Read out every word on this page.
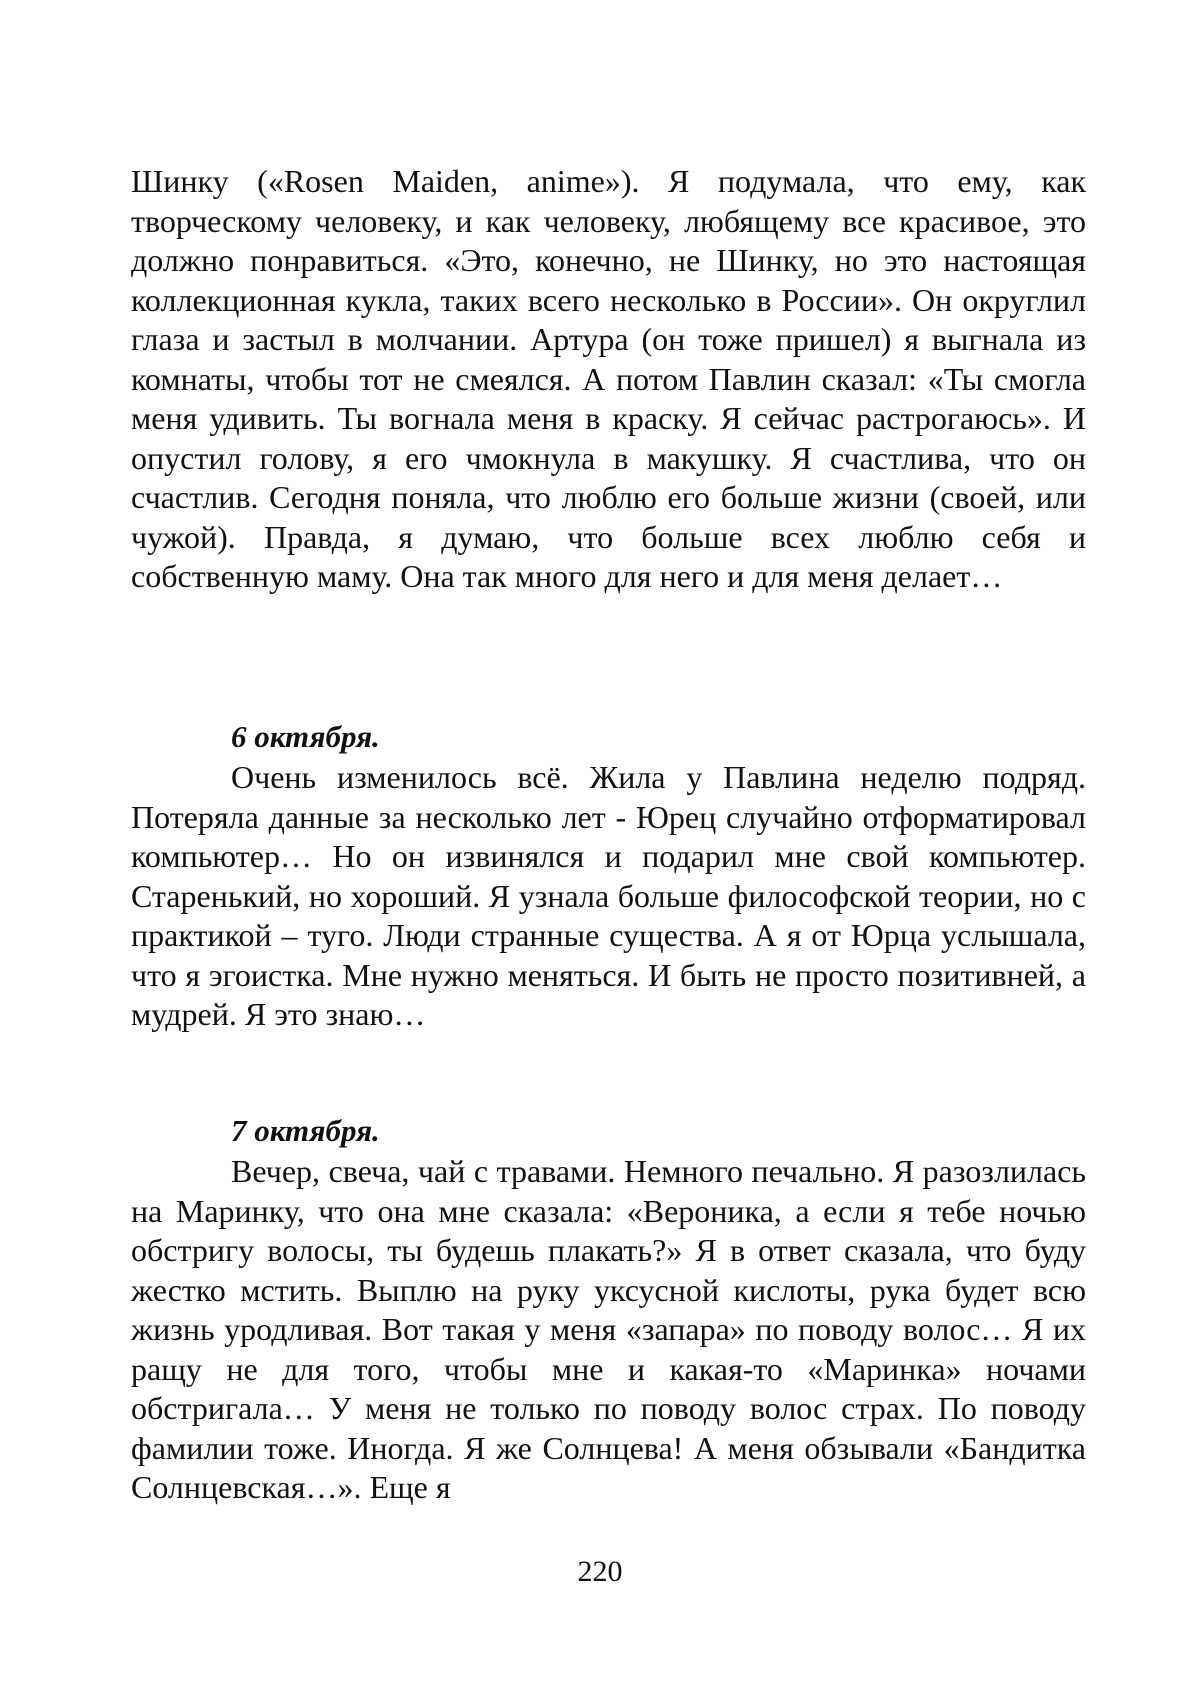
Шинку («Rosen Maiden, anime»). Я подумала, что ему, как творческому человеку, и как человеку, любящему все красивое, это должно понравиться. «Это, конечно, не Шинку, но это настоящая коллекционная кукла, таких всего несколько в России». Он округлил глаза и застыл в молчании. Артура (он тоже пришел) я выгнала из комнаты, чтобы тот не смеялся. А потом Павлин сказал: «Ты смогла меня удивить. Ты вогнала меня в краску. Я сейчас растрогаюсь». И опустил голову, я его чмокнула в макушку. Я счастлива, что он счастлив. Сегодня поняла, что люблю его больше жизни (своей, или чужой). Правда, я думаю, что больше всех люблю себя и собственную маму. Она так много для него и для меня делает…

6 октября.

Очень изменилось всё. Жила у Павлина неделю подряд. Потеряла данные за несколько лет - Юрец случайно отформатировал компьютер… Но он извинялся и подарил мне свой компьютер. Старенький, но хороший. Я узнала больше философской теории, но с практикой – туго. Люди странные существа. А я от Юрца услышала, что я эгоистка. Мне нужно меняться. И быть не просто позитивней, а мудрей. Я это знаю…

7 октября.

Вечер, свеча, чай с травами. Немного печально. Я разозлилась на Маринку, что она мне сказала: «Вероника, а если я тебе ночью обстригу волосы, ты будешь плакать?» Я в ответ сказала, что буду жестко мстить. Выплю на руку уксусной кислоты, рука будет всю жизнь уродливая. Вот такая у меня «запара» по поводу волос… Я их ращу не для того, чтобы мне и какая-то «Маринка» ночами обстригала… У меня не только по поводу волос страх. По поводу фамилии тоже. Иногда. Я же Солнцева! А меня обзывали «Бандитка Солнцевская…». Еще я

220
